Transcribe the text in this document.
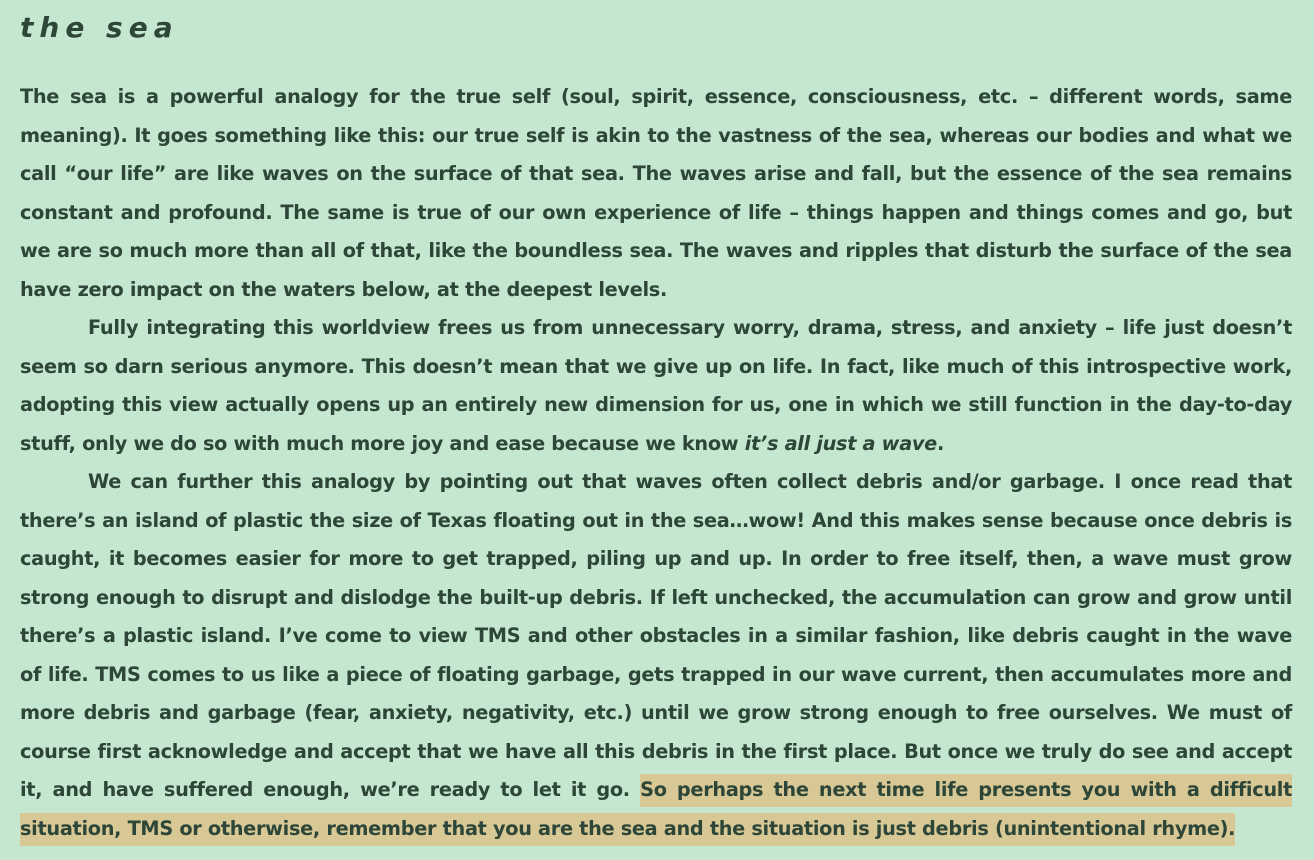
the sea

The sea is a powerful analogy for the true self (soul, spirit, essence, consciousness, etc. – different words, same meaning). It goes something like this: our true self is akin to the vastness of the sea, whereas our bodies and what we call “our life” are like waves on the surface of that sea. The waves arise and fall, but the essence of the sea remains constant and profound. The same is true of our own experience of life – things happen and things comes and go, but we are so much more than all of that, like the boundless sea. The waves and ripples that disturb the surface of the sea have zero impact on the waters below, at the deepest levels.

Fully integrating this worldview frees us from unnecessary worry, drama, stress, and anxiety – life just doesn’t seem so darn serious anymore. This doesn’t mean that we give up on life. In fact, like much of this introspective work, adopting this view actually opens up an entirely new dimension for us, one in which we still function in the day-to-day stuff, only we do so with much more joy and ease because we know it’s all just a wave.

We can further this analogy by pointing out that waves often collect debris and/or garbage. I once read that there’s an island of plastic the size of Texas floating out in the sea…wow! And this makes sense because once debris is caught, it becomes easier for more to get trapped, piling up and up. In order to free itself, then, a wave must grow strong enough to disrupt and dislodge the built-up debris. If left unchecked, the accumulation can grow and grow until there’s a plastic island. I’ve come to view TMS and other obstacles in a similar fashion, like debris caught in the wave of life. TMS comes to us like a piece of floating garbage, gets trapped in our wave current, then accumulates more and more debris and garbage (fear, anxiety, negativity, etc.) until we grow strong enough to free ourselves. We must of course first acknowledge and accept that we have all this debris in the first place. But once we truly do see and accept it, and have suffered enough, we’re ready to let it go. So perhaps the next time life presents you with a difficult situation, TMS or otherwise, remember that you are the sea and the situation is just debris (unintentional rhyme).
